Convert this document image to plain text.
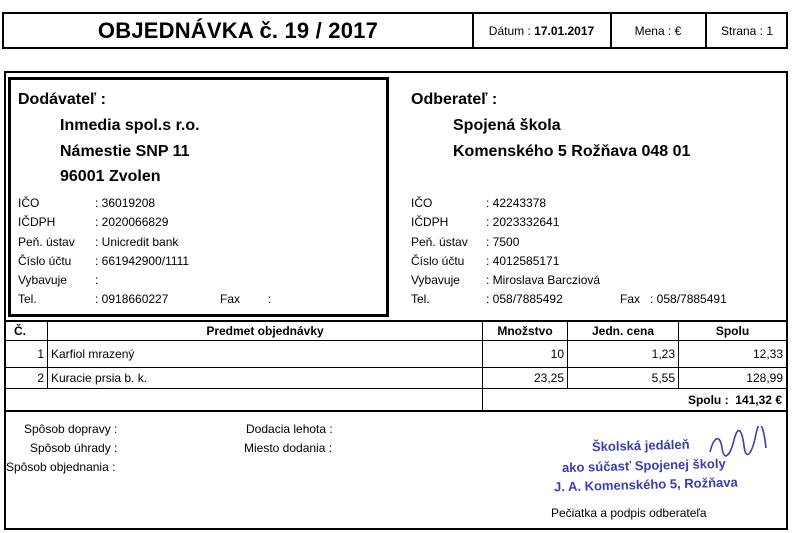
OBJEDNÁVKA č. 19 / 2017	Dátum :
17.01.2017	Mena : €	Strana : 1
Dodávateľ :
Inmedia spol.s r.o.
Námestie SNP 11
96001 Zvolen
IČO	: 36019208
IČDPH	: 2020066829
Peň. ústav : Unicredit bank
Číslo účtu : 661942900/1111
Vybavuje :
Tel.	: 0918660227	Fax :
Odberateľ :
Spojená škola
Komenského 5 Rožňava 048 01
IČO	: 42243378
IČDPH	: 2023332641
Peň. ústav : 7500
Číslo účtu : 4012585171
Vybavuje : Miroslava Barcziová
Tel.	: 058/7885492	Fax : 058/7885491
Č.	Predmet objednávky	Množstvo	Jedn. cena	Spolu
1 Karfiol mrazený	10	1,23	12,33
2 Kuracie prsia b. k.	23,25	5,55	128,99
Spolu :
141,32 €
Spôsob dopravy :
Spôsob úhrady :
Spôsob objednania :
Dodacia lehota :
Miesto dodania :	Školská jedáleň
ako súčasť Spojenej školy
J. A. Komenského 5, Rožňava
Pečiatka a podpis odberateľa
